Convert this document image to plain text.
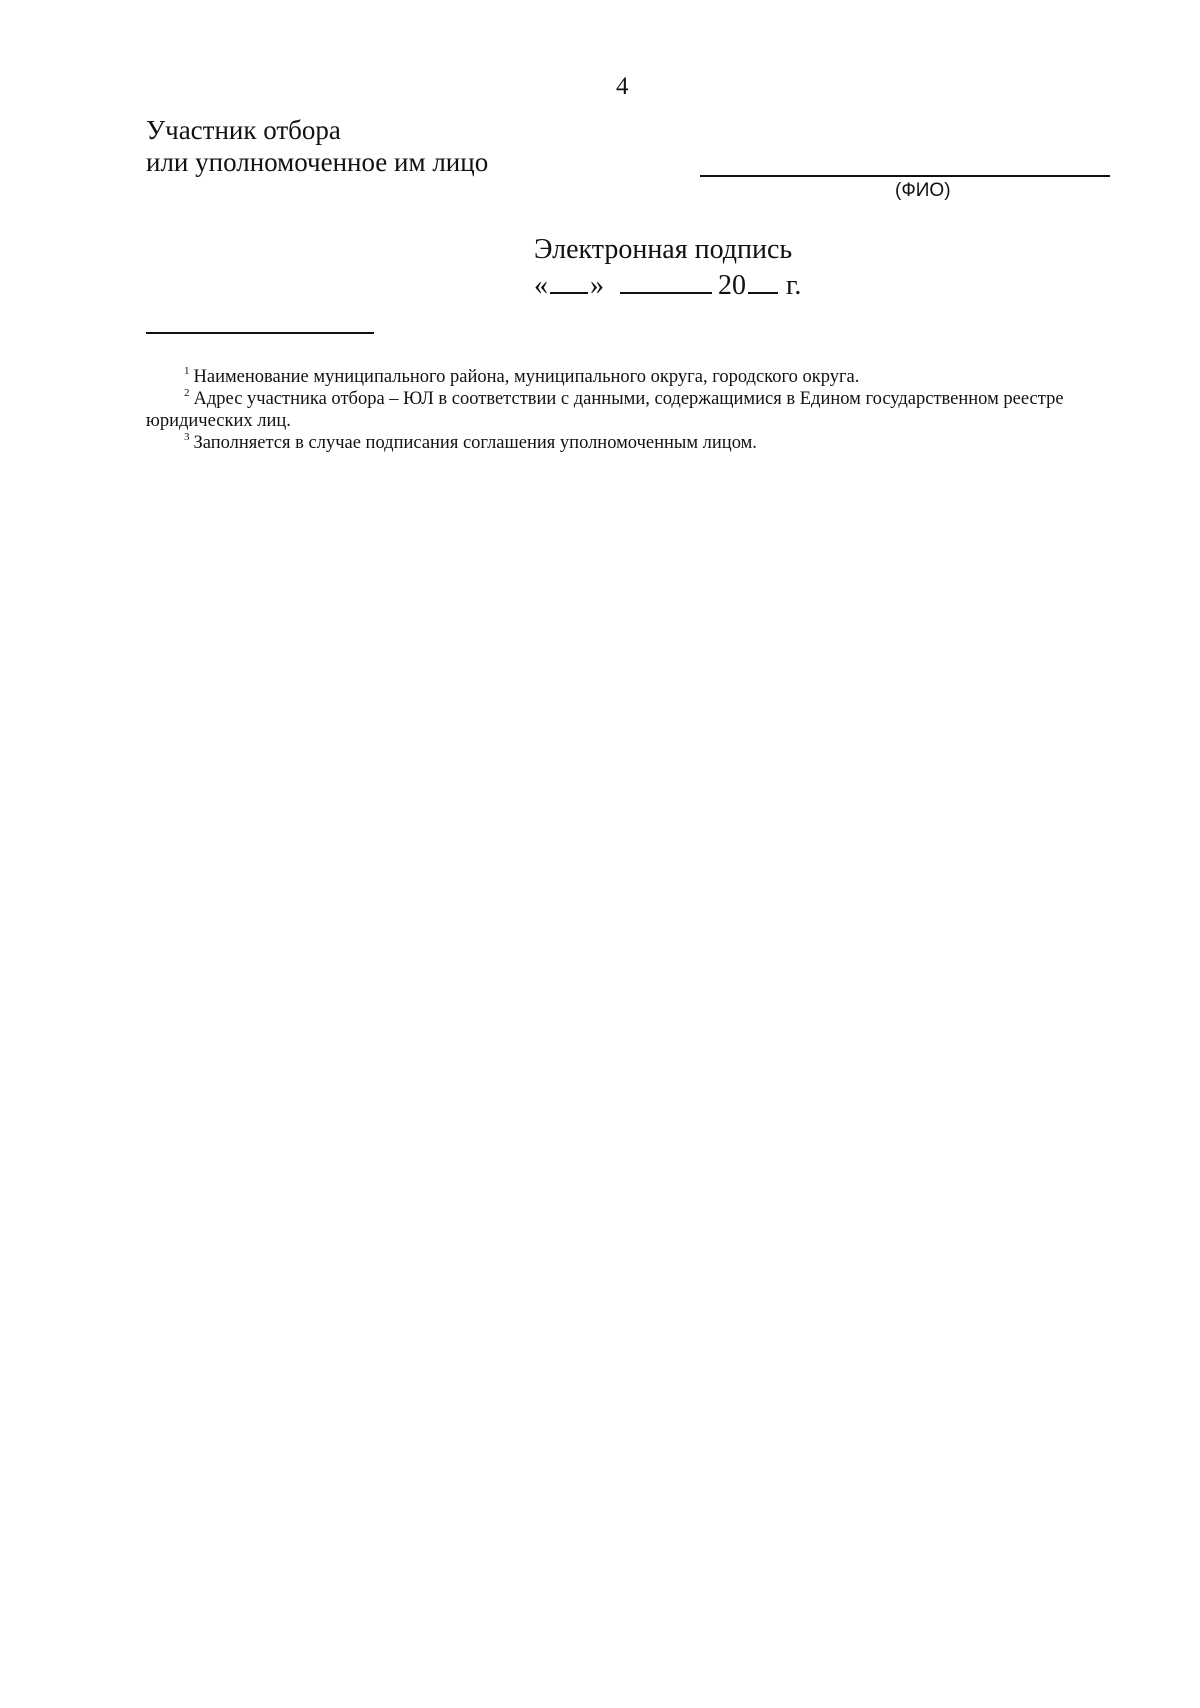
4
Участник отбора
или уполномоченное им лицо
(ФИО)
Электронная подпись
« »	20 г.
$^1$ Наименование муниципального района, муниципального округа, городского округа.
$^2$ Адрес участника отбора – ЮЛ в соответствии с данными, содержащимися в Едином государственном реестре юридических лиц.
$^3$ Заполняется в случае подписания соглашения уполномоченным лицом.
